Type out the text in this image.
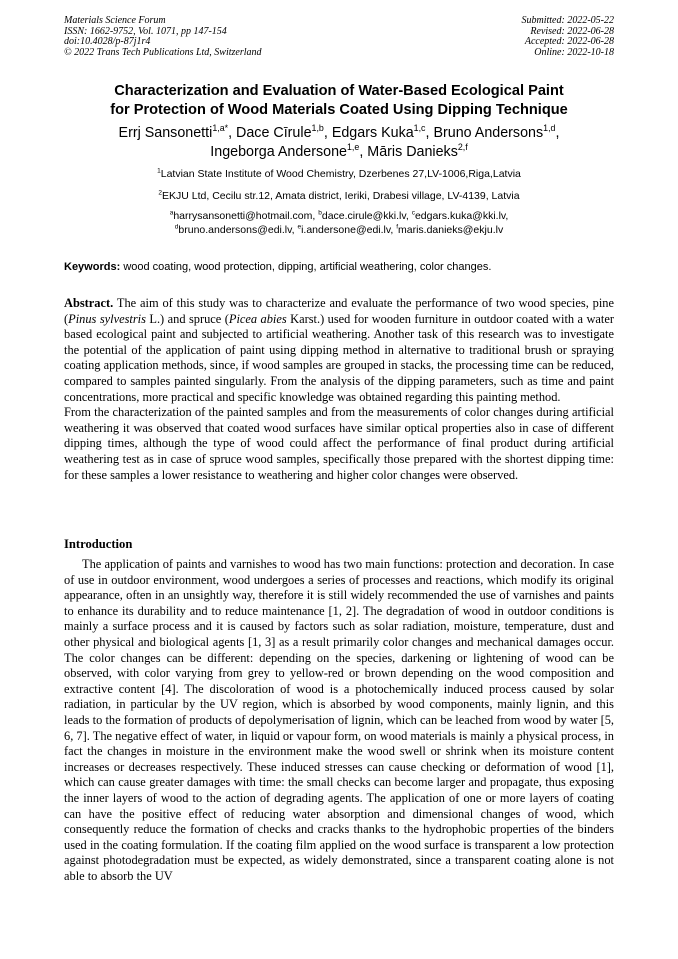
Materials Science Forum
ISSN: 1662-9752, Vol. 1071, pp 147-154
doi:10.4028/p-87j1r4
© 2022 Trans Tech Publications Ltd, Switzerland
Submitted: 2022-05-22
Revised: 2022-06-28
Accepted: 2022-06-28
Online: 2022-10-18
Characterization and Evaluation of Water-Based Ecological Paint
for Protection of Wood Materials Coated Using Dipping Technique
Errj Sansonetti$^{1,a*}$, Dace Cīrule$^{1,b}$, Edgars Kuka$^{1,c}$, Bruno Andersons$^{1,d}$,
Ingeborga Andersone$^{1,e}$, Māris Danieks$^{2,f}$
$^1$Latvian State Institute of Wood Chemistry, Dzerbenes 27,LV-1006,Riga,Latvia
$^2$EKJU Ltd, Cecilu str.12, Amata district, Ieriki, Drabesi village, LV-4139, Latvia
$^a$harrysansonetti@hotmail.com, $^b$dace.cirule@kki.lv, $^c$edgars.kuka@kki.lv,
$^d$bruno.andersons@edi.lv, $^e$i.andersone@edi.lv, $^f$maris.danieks@ekju.lv
Keywords: wood coating, wood protection, dipping, artificial weathering, color changes.

Abstract. The aim of this study was to characterize and evaluate the performance of two wood species, pine (Pinus sylvestris L.) and spruce (Picea abies Karst.) used for wooden furniture in outdoor coated with a water based ecological paint and subjected to artificial weathering. Another task of this research was to investigate the potential of the application of paint using dipping method in alternative to traditional brush or spraying coating application methods, since, if wood samples are grouped in stacks, the processing time can be reduced, compared to samples painted singularly. From the analysis of the dipping parameters, such as time and paint concentrations, more practical and specific knowledge was obtained regarding this painting method.

From the characterization of the painted samples and from the measurements of color changes during artificial weathering it was observed that coated wood surfaces have similar optical properties also in case of different dipping times, although the type of wood could affect the performance of final product during artificial weathering test as in case of spruce wood samples, specifically those prepared with the shortest dipping time: for these samples a lower resistance to weathering and higher color changes were observed.

Introduction

The application of paints and varnishes to wood has two main functions: protection and decoration. In case of use in outdoor environment, wood undergoes a series of processes and reactions, which modify its original appearance, often in an unsightly way, therefore it is still widely recommended the use of varnishes and paints to enhance its durability and to reduce maintenance [1, 2]. The degradation of wood in outdoor conditions is mainly a surface process and it is caused by factors such as solar radiation, moisture, temperature, dust and other physical and biological agents [1, 3] as a result primarily color changes and mechanical damages occur. The color changes can be different: depending on the species, darkening or lightening of wood can be observed, with color varying from grey to yellow-red or brown depending on the wood composition and extractive content [4]. The discoloration of wood is a photochemically induced process caused by solar radiation, in particular by the UV region, which is absorbed by wood components, mainly lignin, and this leads to the formation of products of depolymerisation of lignin, which can be leached from wood by water [5, 6, 7]. The negative effect of water, in liquid or vapour form, on wood materials is mainly a physical process, in fact the changes in moisture in the environment make the wood swell or shrink when its moisture content increases or decreases respectively. These induced stresses can cause checking or deformation of wood [1], which can cause greater damages with time: the small checks can become larger and propagate, thus exposing the inner layers of wood to the action of degrading agents. The application of one or more layers of coating can have the positive effect of reducing water absorption and dimensional changes of wood, which consequently reduce the formation of checks and cracks thanks to the hydrophobic properties of the binders used in the coating formulation. If the coating film applied on the wood surface is transparent a low protection against photodegradation must be expected, as widely demonstrated, since a transparent coating alone is not able to absorb the UV
